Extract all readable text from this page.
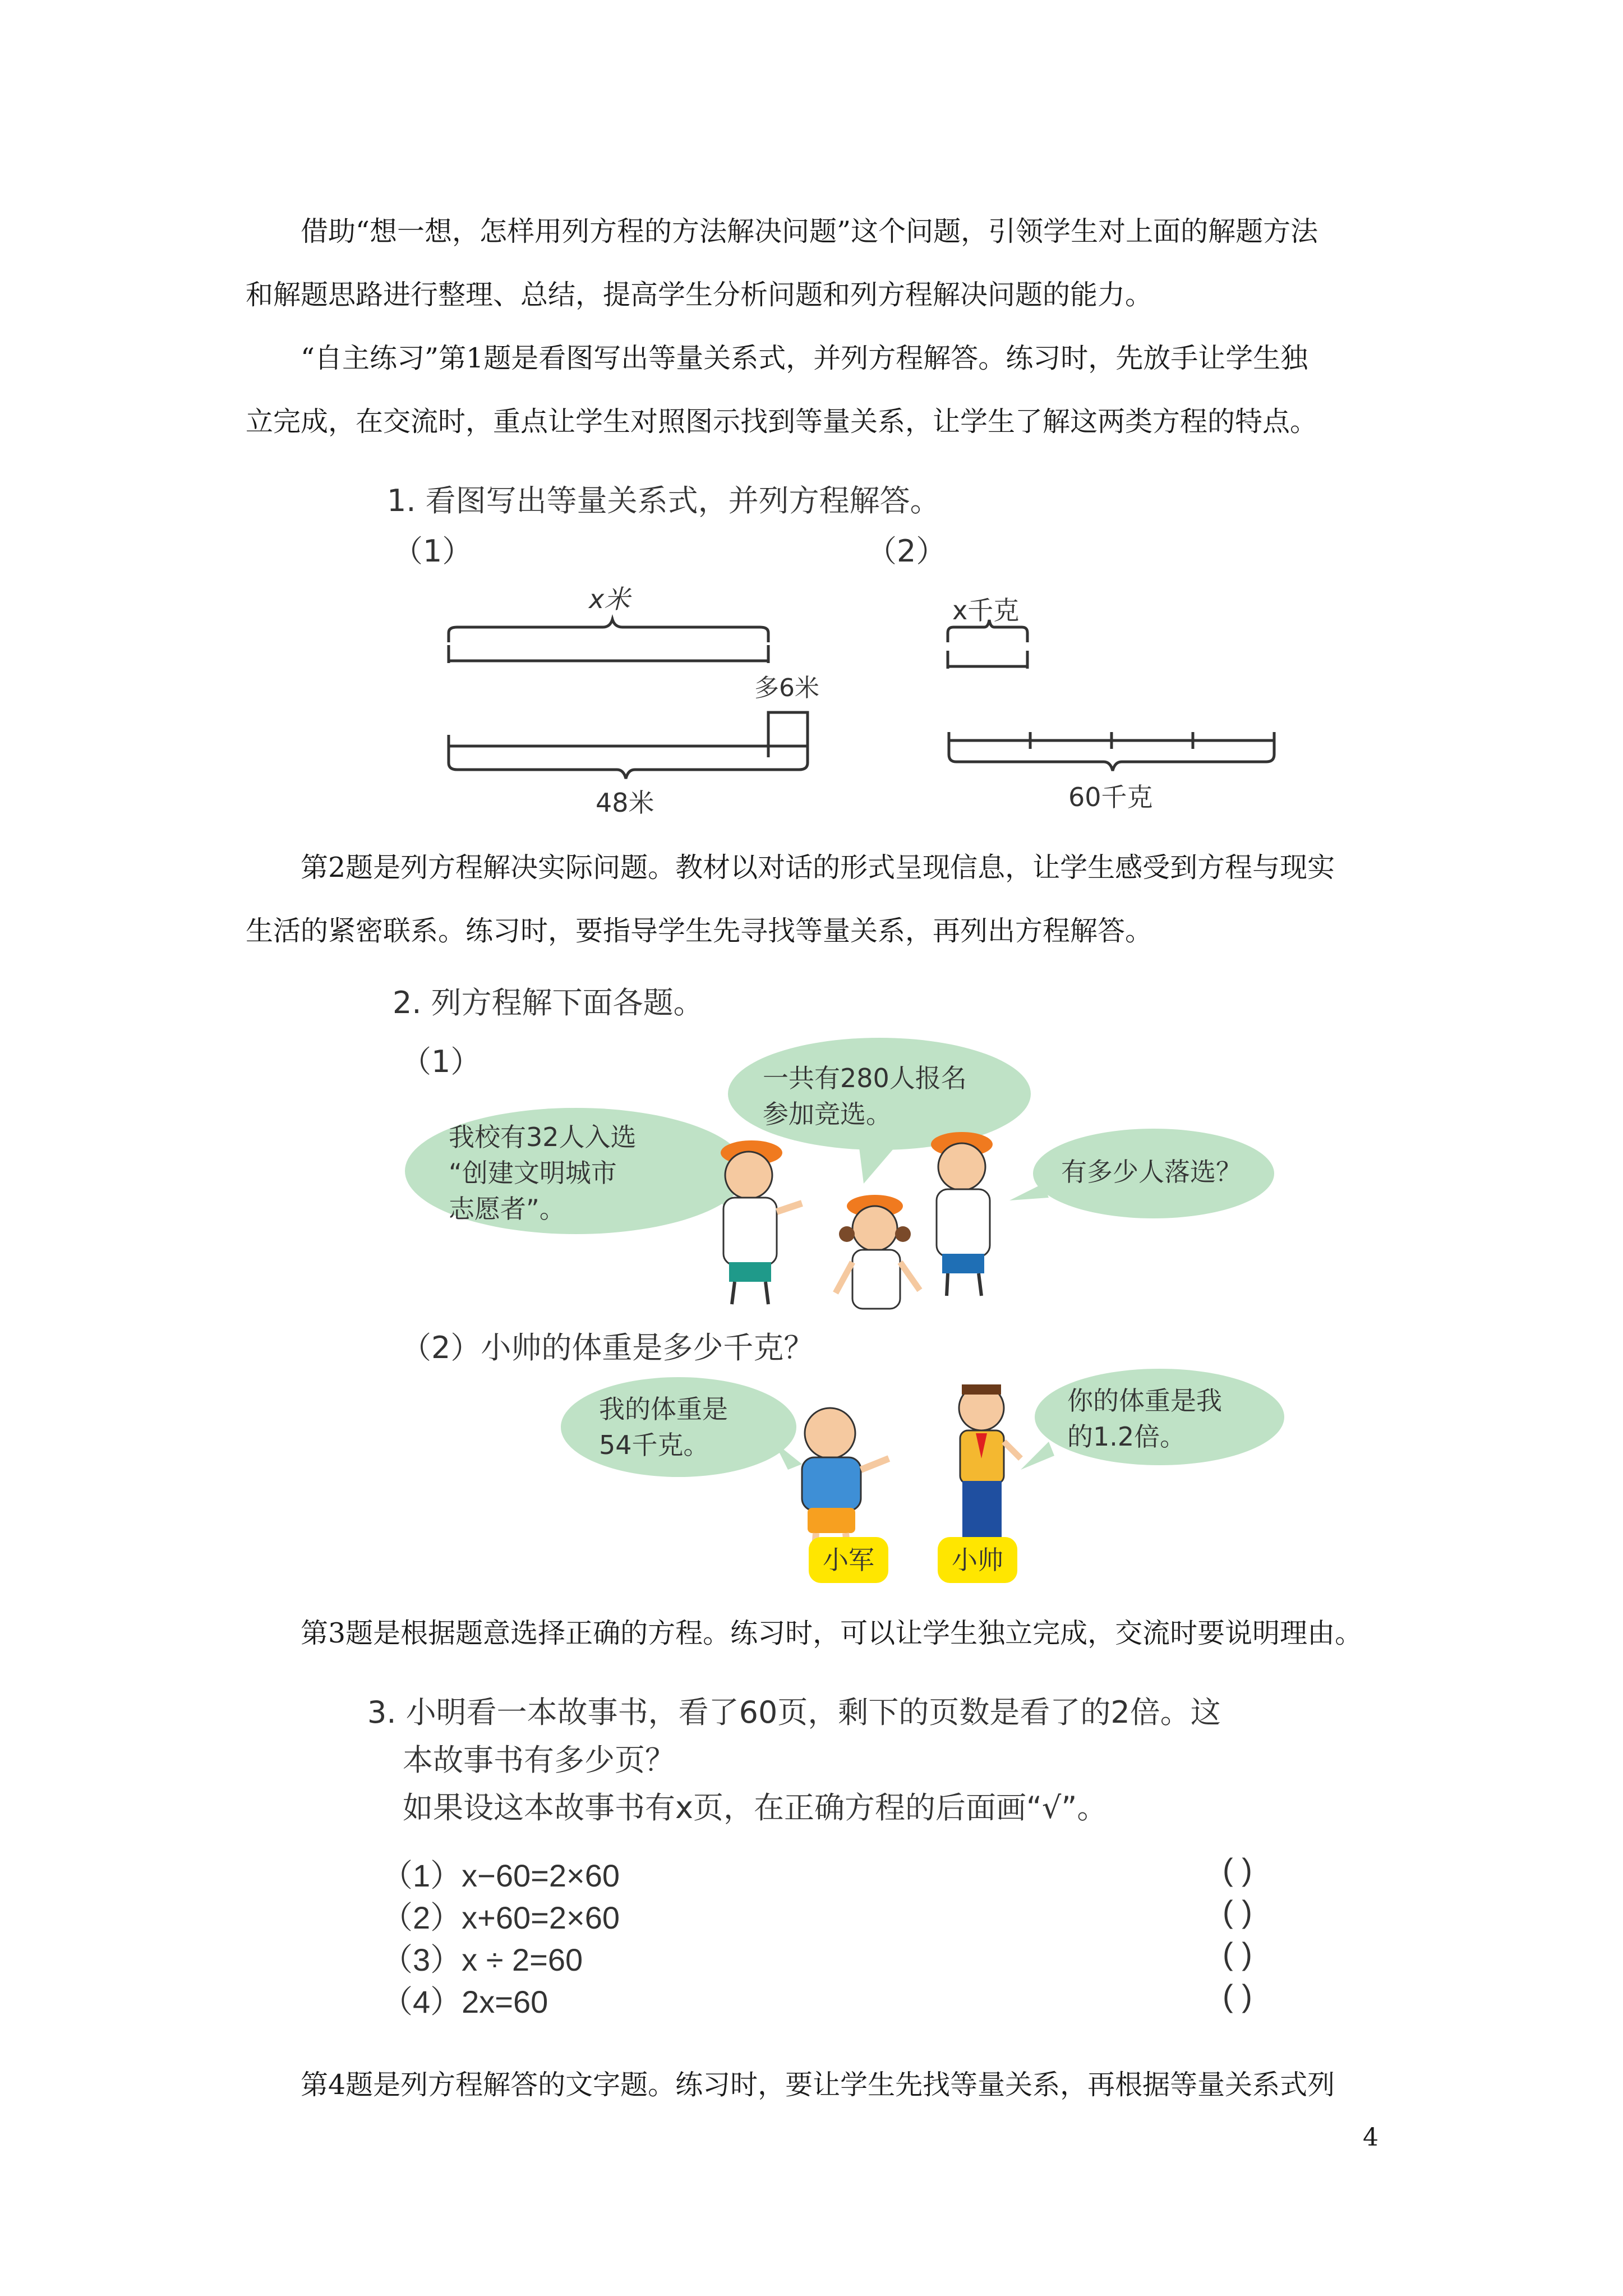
借助“想一想，怎样用列方程的方法解决问题”这个问题，引领学生对上面的解题方法

和解题思路进行整理、总结，提高学生分析问题和列方程解决问题的能力。

“自主练习”第1题是看图写出等量关系式，并列方程解答。练习时，先放手让学生独

立完成，在交流时，重点让学生对照图示找到等量关系，让学生了解这两类方程的特点。

1. 看图写出等量关系式，并列方程解答。
（1）	（2）
x米
多6米
48米
x千克
60千克

第2题是列方程解决实际问题。教材以对话的形式呈现信息，让学生感受到方程与现实

生活的紧密联系。练习时，要指导学生先寻找等量关系，再列出方程解答。

2. 列方程解下面各题。
（1）
我校有32人入选
“创建文明城市
志愿者”。
一共有280人报名
参加竞选。
有多少人落选？
（2）小帅的体重是多少千克？
我的体重是
54千克。
你的体重是我
的1.2倍。
小军	小帅

第3题是根据题意选择正确的方程。练习时，可以让学生独立完成，交流时要说明理由。

3. 小明看一本故事书，看了60页，剩下的页数是看了的2倍。这
本故事书有多少页？
如果设这本故事书有x页，在正确方程的后面画“√”。
（1）x−60=2×60	( )
（2）x+60=2×60	( )
（3）x ÷ 2=60	( )
（4）2x=60	( )

第4题是列方程解答的文字题。练习时，要让学生先找等量关系，再根据等量关系式列

4
